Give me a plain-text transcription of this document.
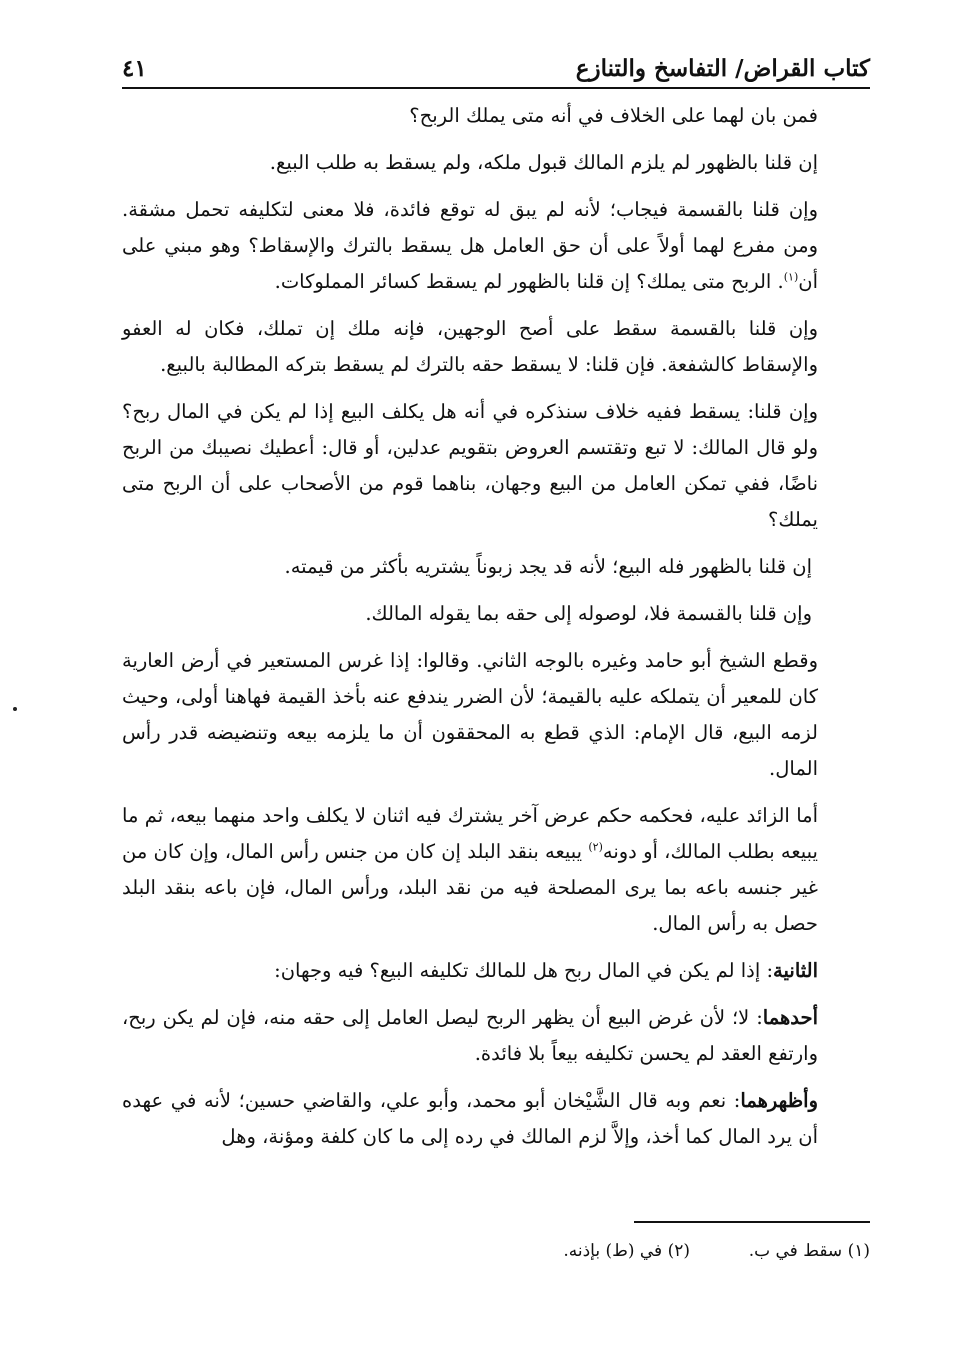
كتاب القراض/ التفاسخ والتنازع
٤١

فمن بان لهما على الخلاف في أنه متى يملك الربح؟

إن قلنا بالظهور لم يلزم المالك قبول ملكه، ولم يسقط به طلب البيع.

وإن قلنا بالقسمة فيجاب؛ لأنه لم يبق له توقع فائدة، فلا معنى لتكليفه تحمل مشقة. ومن مفرع لهما أولاً على أن حق العامل هل يسقط بالترك والإسقاط؟ وهو مبني على أن$^{(١)}$. الربح متى يملك؟ إن قلنا بالظهور لم يسقط كسائر المملوكات.

وإن قلنا بالقسمة سقط على أصح الوجهين، فإنه ملك إن تملك، فكان له العفو والإسقاط كالشفعة. فإن قلنا: لا يسقط حقه بالترك لم يسقط بتركه المطالبة بالبيع.

وإن قلنا: يسقط ففيه خلاف سنذكره في أنه هل يكلف البيع إذا لم يكن في المال ربح؟ ولو قال المالك: لا تبع وتقتسم العروض بتقويم عدلين، أو قال: أعطيك نصيبك من الربح ناضًا، ففي تمكن العامل من البيع وجهان، بناهما قوم من الأصحاب على أن الربح متى يملك؟

إن قلنا بالظهور فله البيع؛ لأنه قد يجد زبوناً يشتريه بأكثر من قيمته.

وإن قلنا بالقسمة فلا، لوصوله إلى حقه بما يقوله المالك.

وقطع الشيخ أبو حامد وغيره بالوجه الثاني. وقالوا: إذا غرس المستعير في أرض العارية كان للمعير أن يتملكه عليه بالقيمة؛ لأن الضرر يندفع عنه بأخذ القيمة فهاهنا أولى، وحيث لزمه البيع، قال الإمام: الذي قطع به المحققون أن ما يلزمه بيعه وتنضيضه قدر رأس المال.

أما الزائد عليه، فحكمه حكم عرض آخر يشترك فيه اثنان لا يكلف واحد منهما بيعه، ثم ما يبيعه بطلب المالك، أو دونه$^{(٢)}$ يبيعه بنقد البلد إن كان من جنس رأس المال، وإن كان من غير جنسه باعه بما يرى المصلحة فيه من نقد البلد، ورأس المال، فإن باعه بنقد البلد حصل به رأس المال.

الثانية: إذا لم يكن في المال ربح هل للمالك تكليفه البيع؟ فيه وجهان:

أحدهما: لا؛ لأن غرض البيع أن يظهر الربح ليصل العامل إلى حقه منه، فإن لم يكن ربح، وارتفع العقد لم يحسن تكليفه بيعاً بلا فائدة.

وأظهرهما: نعم وبه قال الشَّيْخان أبو محمد، وأبو علي، والقاضي حسين؛ لأنه في عهده أن يرد المال كما أخذ، وإلاَّ لزم المالك في رده إلى ما كان كلفة ومؤنة، وهل

(١) سقط في ب.
(٢) في (ط) بإذنه.
